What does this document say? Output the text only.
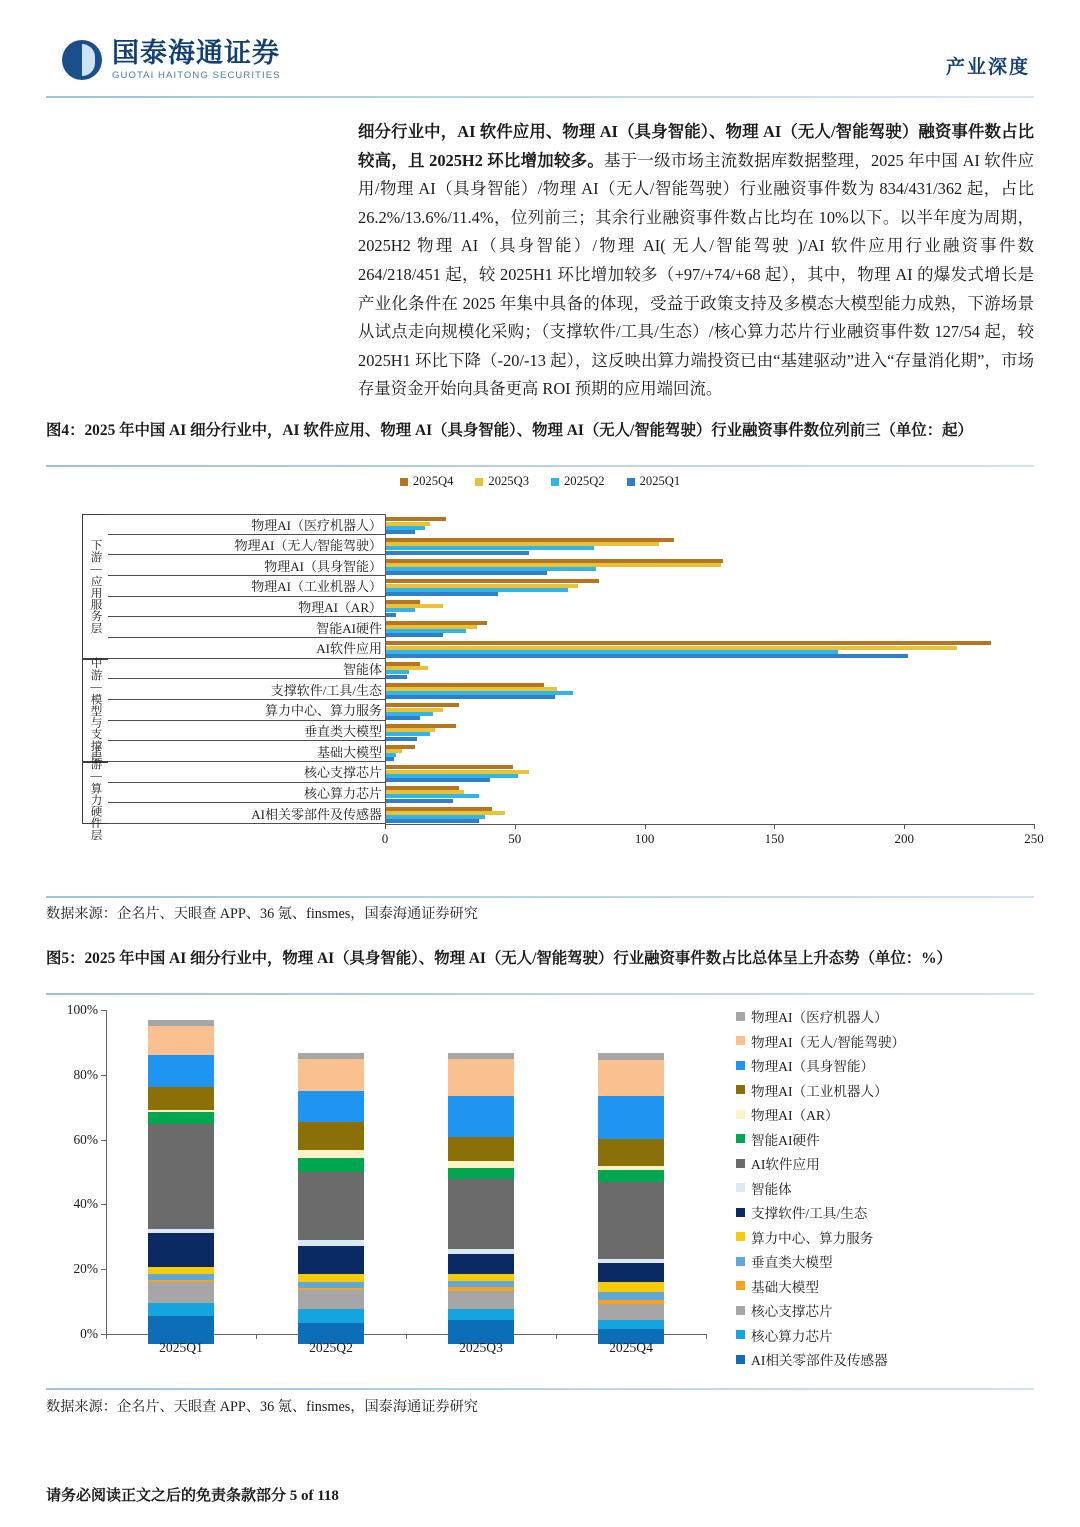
国泰海通证券
GUOTAI HAITONG SECURITIES	产业深度
细分行业中，AI 软件应用、物理 AI（具身智能）、物理 AI（无人/智能驾驶）融资事件数占比较高，且 2025H2 环比增加较多。基于一级市场主流数据库数据整理，2025 年中国 AI 软件应用/物理 AI（具身智能）/物理 AI（无人/智能驾驶）行业融资事件数为 834/431/362 起，占比 26.2%/13.6%/11.4%，位列前三；其余行业融资事件数占比均在 10%以下。以半年度为周期，2025H2 物理 AI（具身智能）/物理 AI( 无人/智能驾驶 )/AI 软件应用行业融资事件数 264/218/451 起，较 2025H1 环比增加较多（+97/+74/+68 起），其中，物理 AI 的爆发式增长是产业化条件在 2025 年集中具备的体现，受益于政策支持及多模态大模型能力成熟，下游场景从试点走向规模化采购；（支撑软件/工具/生态）/核心算力芯片行业融资事件数 127/54 起，较 2025H1 环比下降（-20/-13 起），这反映出算力端投资已由“基建驱动”进入“存量消化期”，市场存量资金开始向具备更高 ROI 预期的应用端回流。
图4：2025 年中国 AI 细分行业中，AI 软件应用、物理 AI（具身智能）、物理 AI（无人/智能驾驶）行业融资事件数位列前三（单位：起）
2025Q4	2025Q3	2025Q2	2025Q1
下游—应用服务层
中游—模型与支撑层
上游—算力硬件层
物理AI（医疗机器人）
物理AI（无人/智能驾驶）
物理AI（具身智能）
物理AI（工业机器人）
物理AI（AR）
智能AI硬件
AI软件应用
智能体
支撑软件/工具/生态
算力中心、算力服务
垂直类大模型
基础大模型
核心支撑芯片
核心算力芯片
AI相关零部件及传感器
0	50	100	150	200	250
数据来源：企名片、天眼查 APP、36 氪、finsmes，国泰海通证券研究
图5：2025 年中国 AI 细分行业中，物理 AI（具身智能）、物理 AI（无人/智能驾驶）行业融资事件数占比总体呈上升态势（单位：%）
0%
20%
40%
60%
80%
100%
物理AI（医疗机器人）
物理AI（无人/智能驾驶）
物理AI（具身智能）
物理AI（工业机器人）
物理AI（AR）
智能AI硬件
AI软件应用
智能体
支撑软件/工具/生态
算力中心、算力服务
垂直类大模型
基础大模型
核心支撑芯片
核心算力芯片
AI相关零部件及传感器
2025Q1	2025Q2	2025Q3	2025Q4
数据来源：企名片、天眼查 APP、36 氪、finsmes，国泰海通证券研究
请务必阅读正文之后的免责条款部分 5 of 118
